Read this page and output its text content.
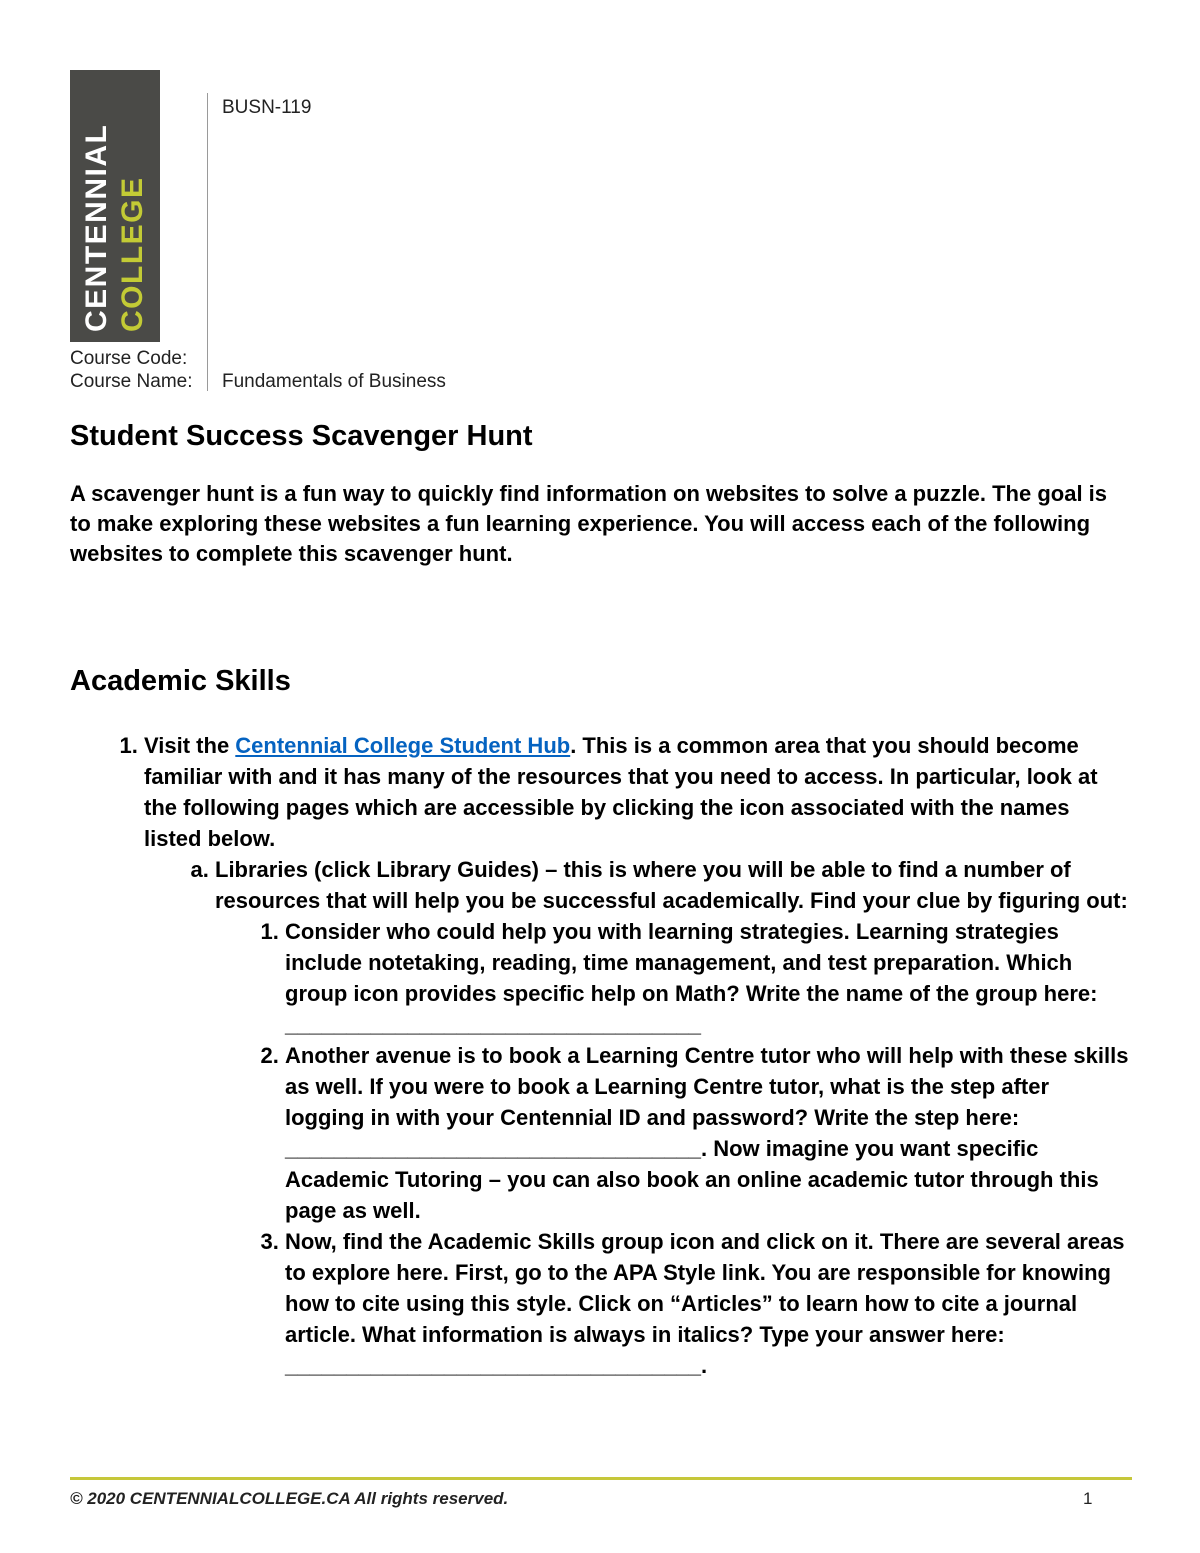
CENTENNIAL COLLEGE
BUSN-119
Course Code:
Course Name: Fundamentals of Business
Student Success Scavenger Hunt

A scavenger hunt is a fun way to quickly find information on websites to solve a puzzle. The goal is to make exploring these websites a fun learning experience. You will access each of the following websites to complete this scavenger hunt.

Academic Skills
1. Visit the Centennial College Student Hub. This is a common area that you should become familiar with and it has many of the resources that you need to access. In particular, look at the following pages which are accessible by clicking the icon associated with the names listed below.
a. Libraries (click Library Guides) – this is where you will be able to find a number of resources that will help you be successful academically. Find your clue by figuring out:
1. Consider who could help you with learning strategies. Learning strategies include notetaking, reading, time management, and test preparation. Which group icon provides specific help on Math? Write the name of the group here: __________________________________
2. Another avenue is to book a Learning Centre tutor who will help with these skills as well. If you were to book a Learning Centre tutor, what is the step after logging in with your Centennial ID and password? Write the step here: __________________________________. Now imagine you want specific Academic Tutoring – you can also book an online academic tutor through this page as well.
3. Now, find the Academic Skills group icon and click on it. There are several areas to explore here. First, go to the APA Style link. You are responsible for knowing how to cite using this style. Click on “Articles” to learn how to cite a journal article. What information is always in italics? Type your answer here: __________________________________.
© 2020 CENTENNIALCOLLEGE.CA All rights reserved.	1
